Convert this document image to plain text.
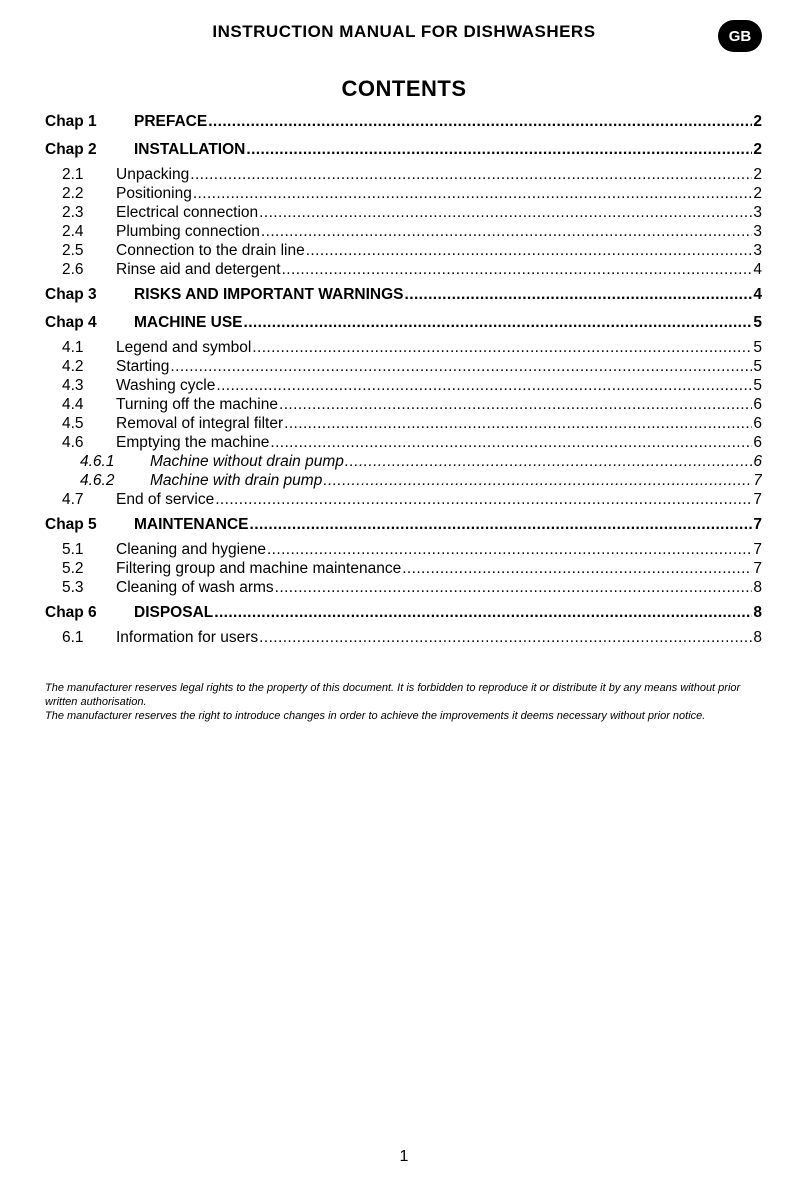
INSTRUCTION MANUAL FOR DISHWASHERS	GB
CONTENTS
Chap 1	PREFACE .....	2
Chap 2	INSTALLATION .....	2
2.1	Unpacking .....	2
2.2	Positioning .....	2
2.3	Electrical connection .....	3
2.4	Plumbing connection .....	3
2.5	Connection to the drain line .....	3
2.6	Rinse aid and detergent .....	4
Chap 3	RISKS AND IMPORTANT WARNINGS .....	4
Chap 4	MACHINE USE .....	5
4.1	Legend and symbol .....	5
4.2	Starting .....	5
4.3	Washing cycle .....	5
4.4	Turning off the machine .....	6
4.5	Removal of integral filter .....	6
4.6	Emptying the machine .....	6
4.6.1	Machine without drain pump .....	6
4.6.2	Machine with drain pump .....	7
4.7	End of service .....	7
Chap 5	MAINTENANCE .....	7
5.1	Cleaning and hygiene .....	7
5.2	Filtering group and machine maintenance .....	7
5.3	Cleaning of wash arms .....	8
Chap 6	DISPOSAL .....	8
6.1	Information for users .....	8
The manufacturer reserves legal rights to the property of this document. It is forbidden to reproduce it or distribute it by any means without prior written authorisation.
The manufacturer reserves the right to introduce changes in order to achieve the improvements it deems necessary without prior notice.
1
